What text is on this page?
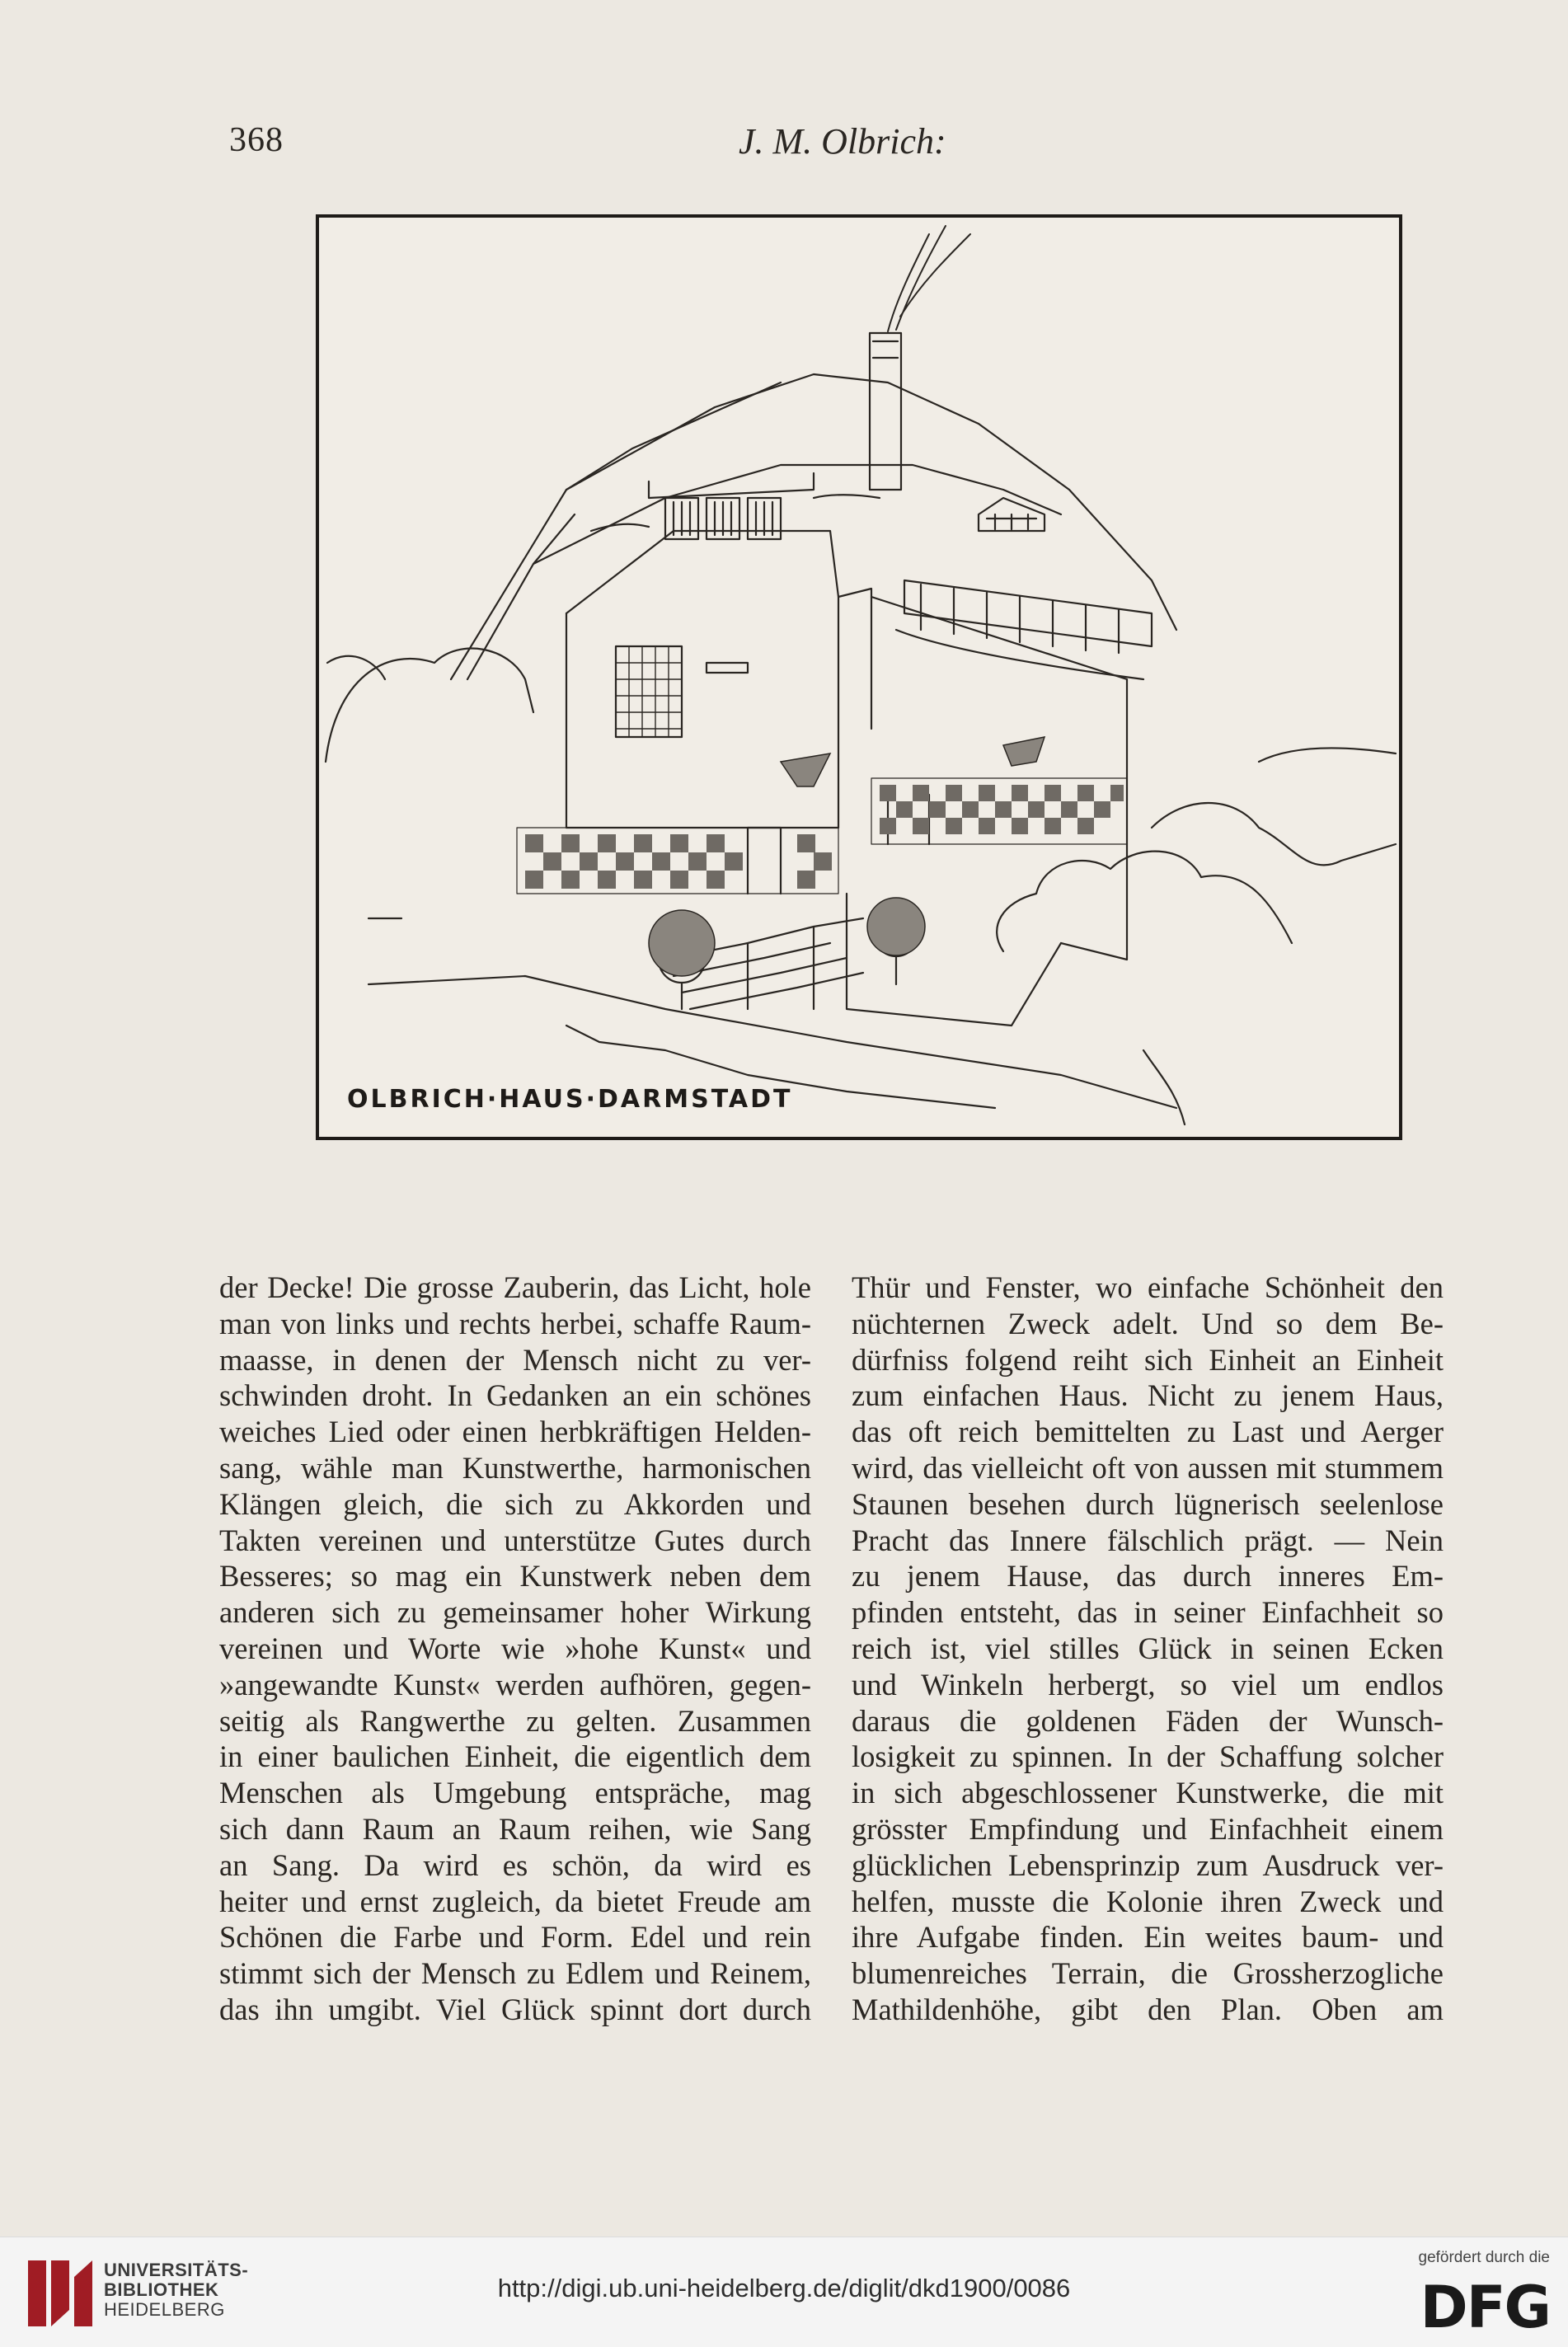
368	J. M. Olbrich:
OLBRICH·HAUS·DARMSTADT
der Decke! Die grosse Zauberin, das Licht, hole
man von links und rechts herbei, schaffe Raum-
maasse, in denen der Mensch nicht zu ver-
schwinden droht. In Gedanken an ein schönes
weiches Lied oder einen herbkräftigen Helden-
sang, wähle man Kunstwerthe, harmonischen
Klängen gleich, die sich zu Akkorden und
Takten vereinen und unterstütze Gutes durch
Besseres; so mag ein Kunstwerk neben dem
anderen sich zu gemeinsamer hoher Wirkung
vereinen und Worte wie »hohe Kunst« und
»angewandte Kunst« werden aufhören, gegen-
seitig als Rangwerthe zu gelten. Zusammen
in einer baulichen Einheit, die eigentlich dem
Menschen als Umgebung entspräche, mag
sich dann Raum an Raum reihen, wie Sang
an Sang. Da wird es schön, da wird es
heiter und ernst zugleich, da bietet Freude am
Schönen die Farbe und Form. Edel und rein
stimmt sich der Mensch zu Edlem und Reinem,
das ihn umgibt. Viel Glück spinnt dort durch
Thür und Fenster, wo einfache Schönheit den
nüchternen Zweck adelt. Und so dem Be-
dürfniss folgend reiht sich Einheit an Einheit
zum einfachen Haus. Nicht zu jenem Haus,
das oft reich bemittelten zu Last und Aerger
wird, das vielleicht oft von aussen mit stummem
Staunen besehen durch lügnerisch seelenlose
Pracht das Innere fälschlich prägt. — Nein
zu jenem Hause, das durch inneres Em-
pfinden entsteht, das in seiner Einfachheit so
reich ist, viel stilles Glück in seinen Ecken
und Winkeln herbergt, so viel um endlos
daraus die goldenen Fäden der Wunsch-
losigkeit zu spinnen. In der Schaffung solcher
in sich abgeschlossener Kunstwerke, die mit
grösster Empfindung und Einfachheit einem
glücklichen Lebensprinzip zum Ausdruck ver-
helfen, musste die Kolonie ihren Zweck und
ihre Aufgabe finden. Ein weites baum- und
blumenreiches Terrain, die Grossherzogliche
Mathildenhöhe, gibt den Plan. Oben am
UNIVERSITÄTS-
BIBLIOTHEK
HEIDELBERG
http://digi.ub.uni-heidelberg.de/diglit/dkd1900/0086
gefördert durch die
DFG
